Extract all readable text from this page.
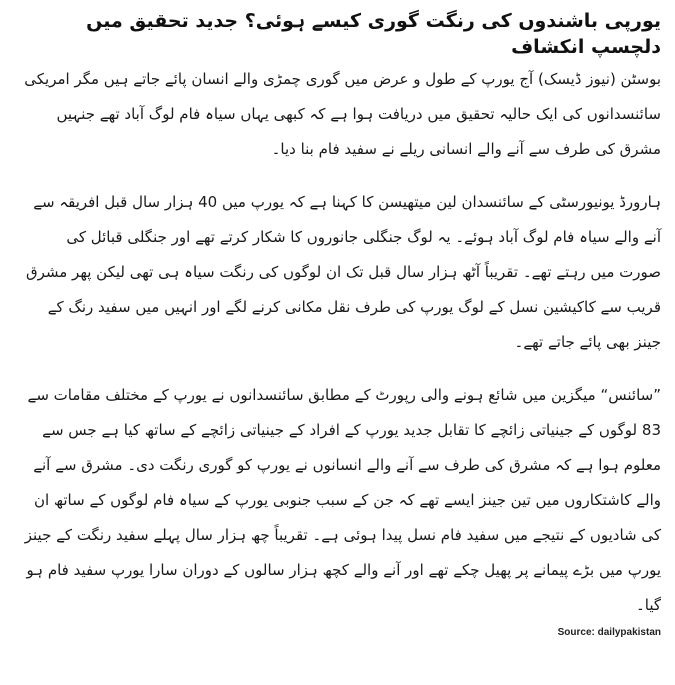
یورپی باشندوں کی رنگت گوری کیسے ہوئی؟ جدید تحقیق میں دلچسپ انکشاف

بوسٹن (نیوز ڈیسک) آج یورپ کے طول و عرض میں گوری چمڑی والے انسان پائے جاتے ہیں مگر امریکی سائنسدانوں کی ایک حالیہ تحقیق میں دریافت ہوا ہے کہ کبھی یہاں سیاہ فام لوگ آباد تھے جنہیں مشرق کی طرف سے آنے والے انسانی ریلے نے سفید فام بنا دیا۔

ہارورڈ یونیورسٹی کے سائنسدان لین میتھیسن کا کہنا ہے کہ یورپ میں 40 ہزار سال قبل افریقہ سے آنے والے سیاہ فام لوگ آباد ہوئے۔ یہ لوگ جنگلی جانوروں کا شکار کرتے تھے اور جنگلی قبائل کی صورت میں رہتے تھے۔ تقریباً آٹھ ہزار سال قبل تک ان لوگوں کی رنگت سیاہ ہی تھی لیکن پھر مشرق قریب سے کاکیشین نسل کے لوگ یورپ کی طرف نقل مکانی کرنے لگے اور انہیں میں سفید رنگ کے جینز بھی پائے جاتے تھے۔

”سائنس“ میگزین میں شائع ہونے والی رپورٹ کے مطابق سائنسدانوں نے یورپ کے مختلف مقامات سے 83 لوگوں کے جینیاتی زائچے کا تقابل جدید یورپ کے افراد کے جینیاتی زائچے کے ساتھ کیا ہے جس سے معلوم ہوا ہے کہ مشرق کی طرف سے آنے والے انسانوں نے یورپ کو گوری رنگت دی۔ مشرق سے آنے والے کاشتکاروں میں تین جینز ایسے تھے کہ جن کے سبب جنوبی یورپ کے سیاہ فام لوگوں کے ساتھ ان کی شادیوں کے نتیجے میں سفید فام نسل پیدا ہوئی ہے۔ تقریباً چھ ہزار سال پہلے سفید رنگت کے جینز یورپ میں بڑے پیمانے پر پھیل چکے تھے اور آنے والے کچھ ہزار سالوں کے دوران سارا یورپ سفید فام ہو گیا۔

Source: dailypakistan
